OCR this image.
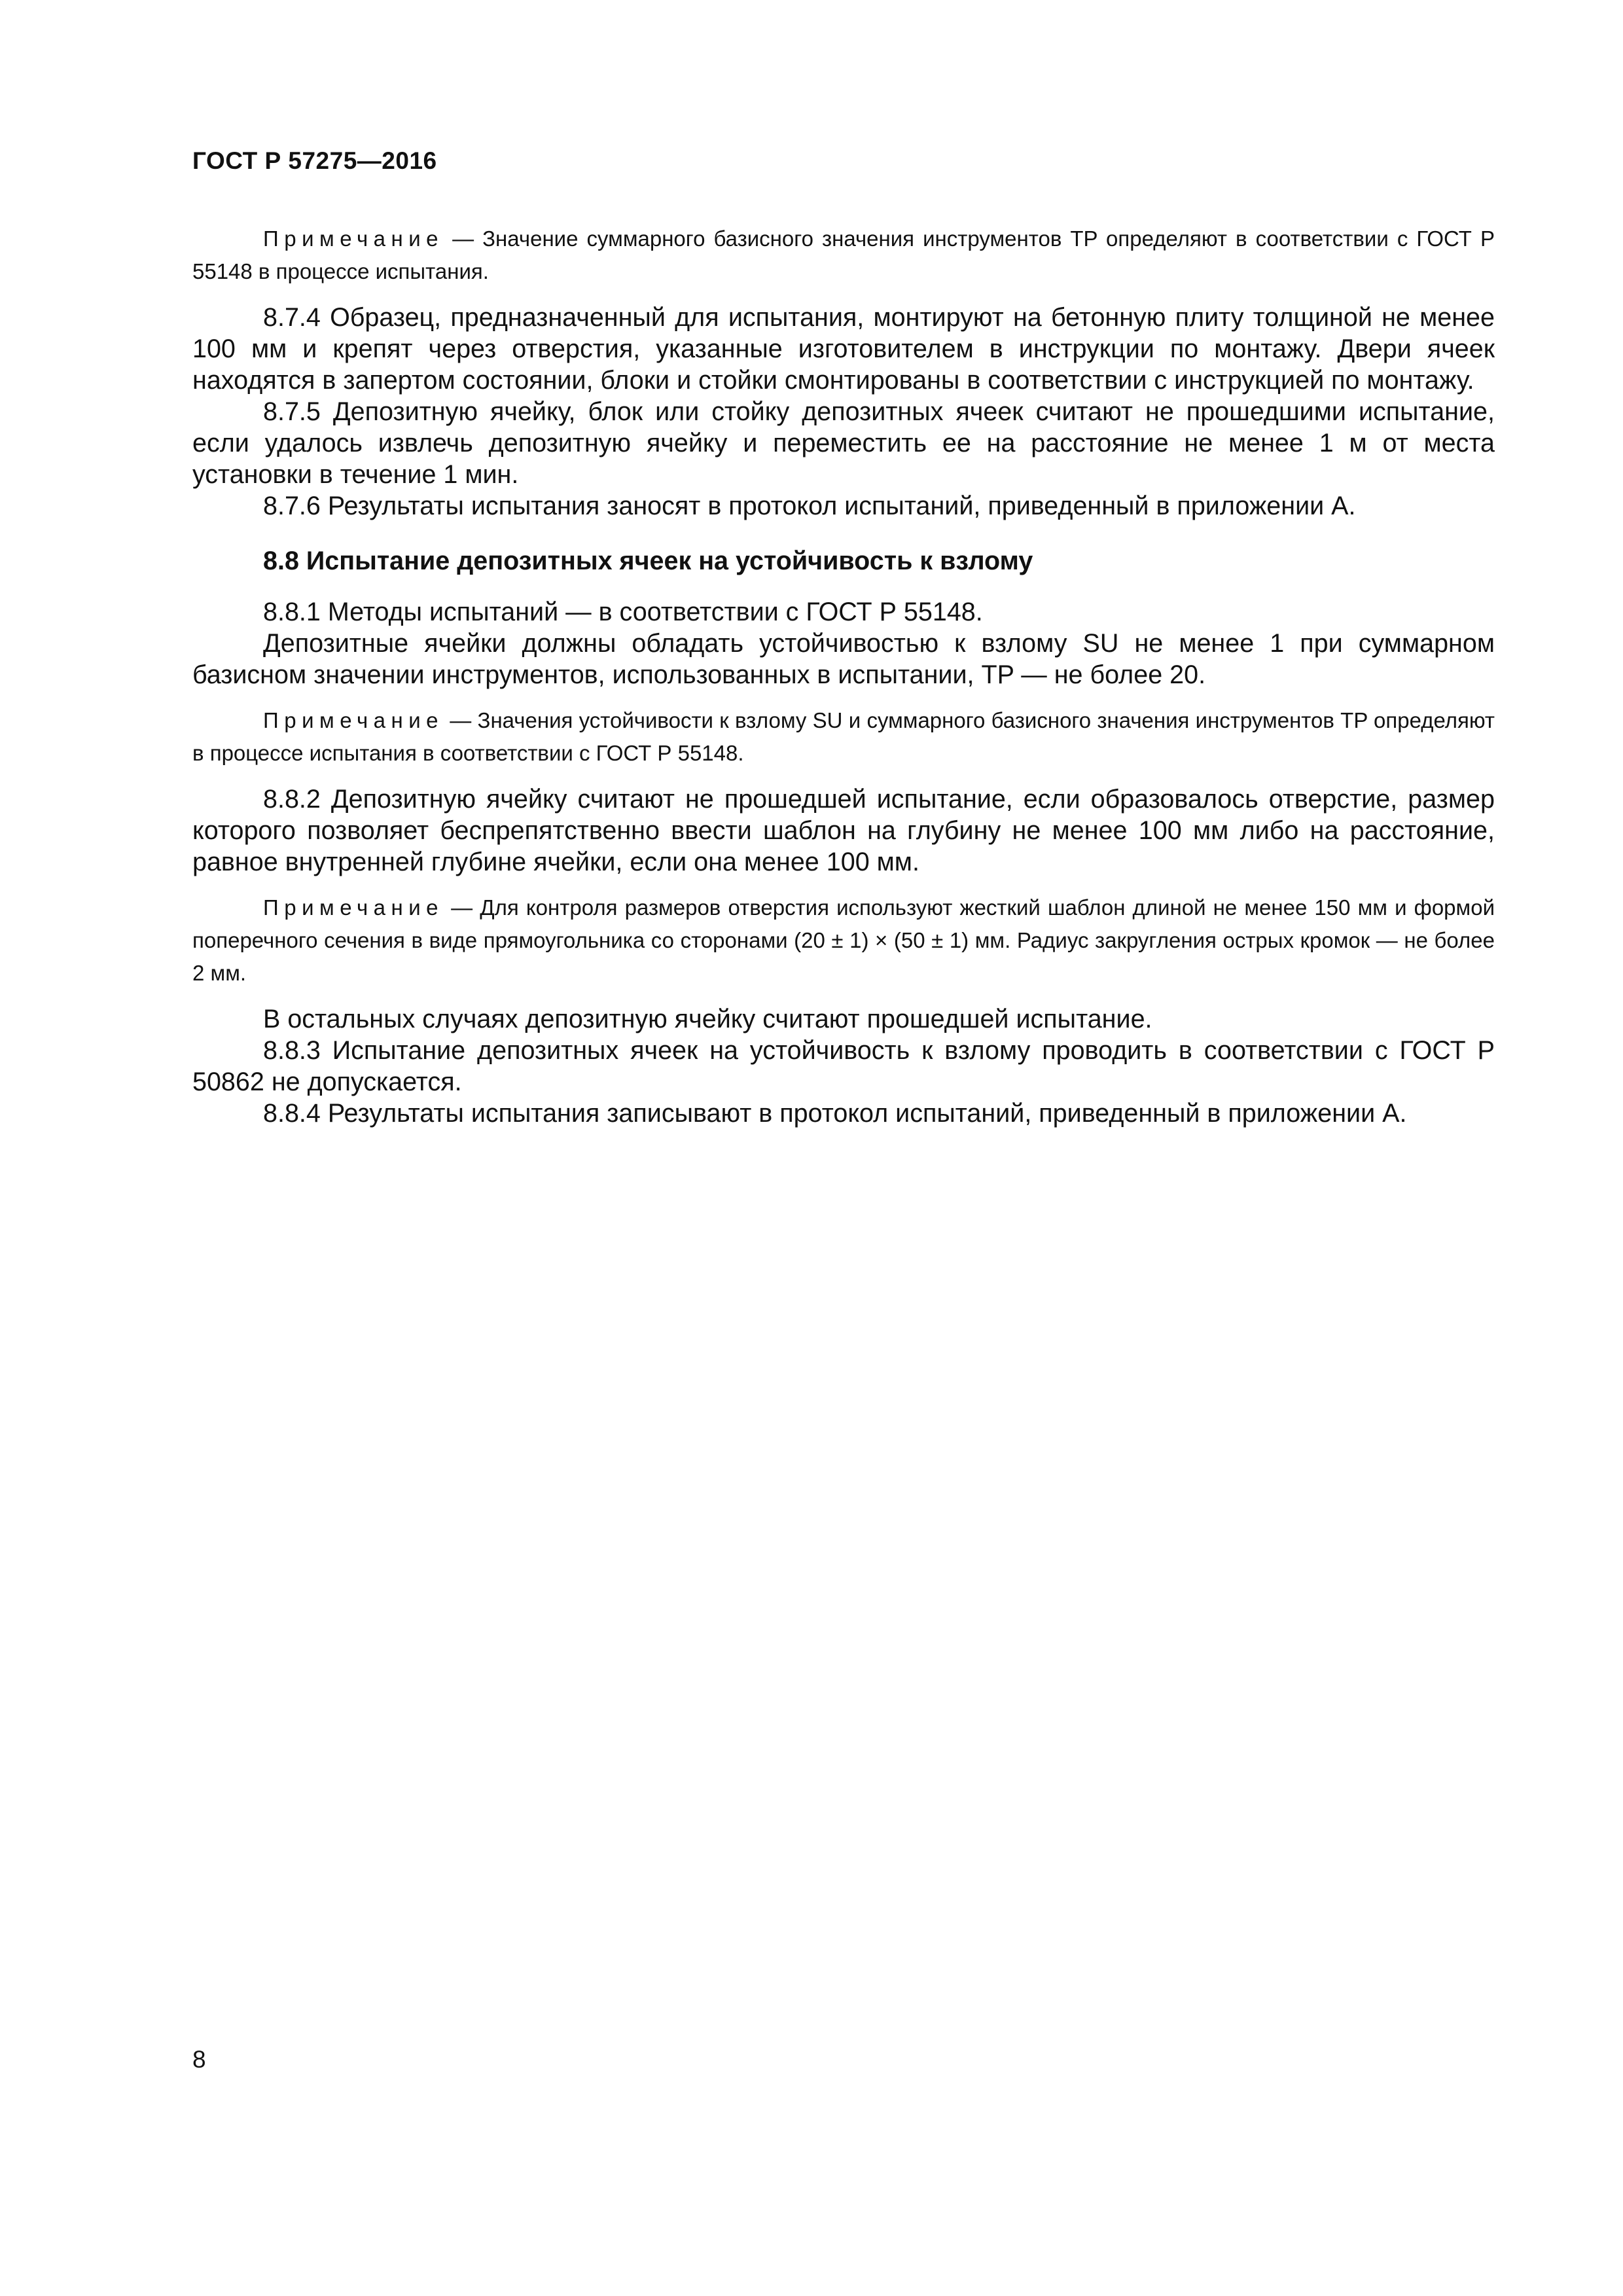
ГОСТ Р 57275—2016

Примечание — Значение суммарного базисного значения инструментов TP определяют в соответствии с ГОСТ Р 55148 в процессе испытания.

8.7.4 Образец, предназначенный для испытания, монтируют на бетонную плиту толщиной не менее 100 мм и крепят через отверстия, указанные изготовителем в инструкции по монтажу. Двери ячеек находятся в запертом состоянии, блоки и стойки смонтированы в соответствии с инструкцией по монтажу.

8.7.5 Депозитную ячейку, блок или стойку депозитных ячеек считают не прошедшими испытание, если удалось извлечь депозитную ячейку и переместить ее на расстояние не менее 1 м от места установки в течение 1 мин.

8.7.6 Результаты испытания заносят в протокол испытаний, приведенный в приложении А.

8.8 Испытание депозитных ячеек на устойчивость к взлому

8.8.1 Методы испытаний — в соответствии с ГОСТ Р 55148.

Депозитные ячейки должны обладать устойчивостью к взлому SU не менее 1 при суммарном базисном значении инструментов, использованных в испытании, TP — не более 20.

Примечание — Значения устойчивости к взлому SU и суммарного базисного значения инструментов TP определяют в процессе испытания в соответствии с ГОСТ Р 55148.

8.8.2 Депозитную ячейку считают не прошедшей испытание, если образовалось отверстие, размер которого позволяет беспрепятственно ввести шаблон на глубину не менее 100 мм либо на расстояние, равное внутренней глубине ячейки, если она менее 100 мм.

Примечание — Для контроля размеров отверстия используют жесткий шаблон длиной не менее 150 мм и формой поперечного сечения в виде прямоугольника со сторонами (20 ± 1) × (50 ± 1) мм. Радиус закругления острых кромок — не более 2 мм.

В остальных случаях депозитную ячейку считают прошедшей испытание.

8.8.3 Испытание депозитных ячеек на устойчивость к взлому проводить в соответствии с ГОСТ Р 50862 не допускается.

8.8.4 Результаты испытания записывают в протокол испытаний, приведенный в приложении А.

8
